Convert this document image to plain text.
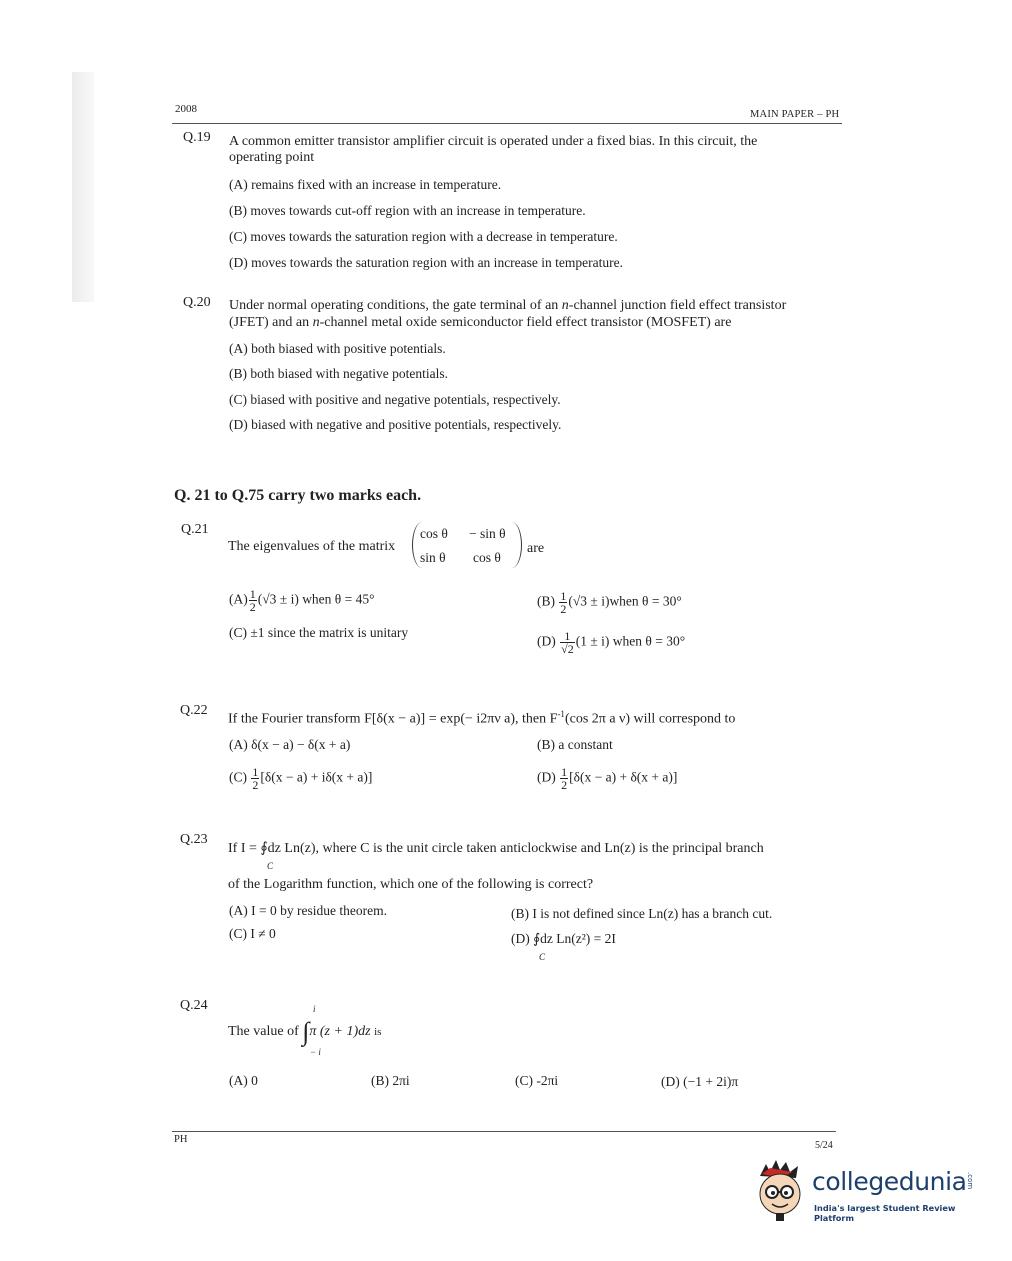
2008	MAIN PAPER – PH
Q.19 A common emitter transistor amplifier circuit is operated under a fixed bias. In this circuit, the
operating point
(A) remains fixed with an increase in temperature.
(B) moves towards cut-off region with an increase in temperature.
(C) moves towards the saturation region with a decrease in temperature.
(D) moves towards the saturation region with an increase in temperature.
Q.20 Under normal operating conditions, the gate terminal of an n-channel junction field effect transistor
(JFET) and an n-channel metal oxide semiconductor field effect transistor (MOSFET) are
(A) both biased with positive potentials.
(B) both biased with negative potentials.
(C) biased with positive and negative potentials, respectively.
(D) biased with negative and positive potentials, respectively.
Q. 21 to Q.75 carry two marks each.
Q.21
The eigenvalues of the matrix
cos θ − sin θ
sin θ cos θ
are
$(A) \frac{1}{2} (√3 \pm i)$ when θ = 45°	$(B) \frac{1}{2} (√3$ ± i)when θ = 30°
(C) ±1 since the matrix is unitary
$(D) \frac{1}{√2} (1 \pm i)$ when θ = 30°
Q.22
If the Fourier transform F[δ(x − a)] = exp(− i2πν a), then $F^{-1}(\cos$ 2π a ν) will correspond to
(A) δ(x − a) − δ(x + a)	(B) a constant
$(C) \frac{1}{2} [\delta(x - a) + i\delta(x + a)]$	$(D) \frac{1}{2} [\delta(x - a) + \delta(x + a)]$
Q.23
If I = ∮dz Ln(z), where C is the unit circle taken anticlockwise and Ln(z) is the principal branch
C
of the Logarithm function, which one of the following is correct?
(A) I = 0 by residue theorem.	(B) I is not defined since Ln(z) has a branch cut.
(C) I ≠ 0	(D) ∮dz Ln(z²) = 2I
C
Q.24	i
The value of ∫π (z + 1)dz is
− i
(A) 0	(B) 2πi	(C) -2πi	(D) (−1 + 2i)π
PH
5/24
collegedunia .com
India's largest Student Review Platform
